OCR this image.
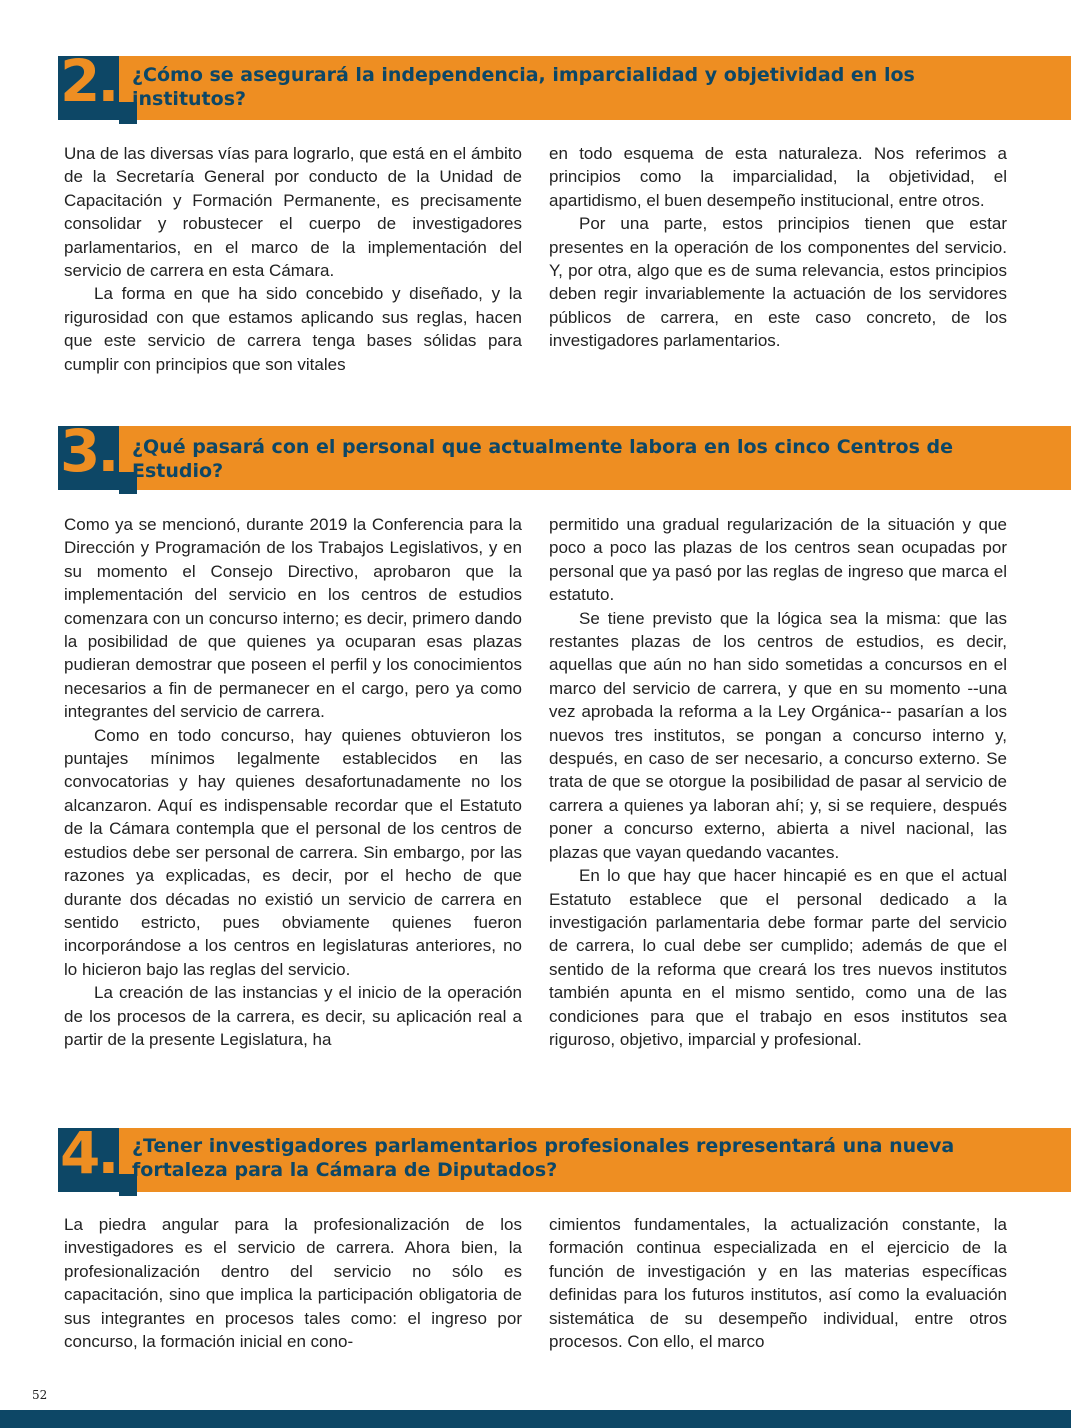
2. ¿Cómo se asegurará la independencia, imparcialidad y objetividad en los institutos?

Una de las diversas vías para lograrlo, que está en el ámbito de la Secretaría General por conducto de la Unidad de Capacitación y Formación Permanente, es precisamente consolidar y robustecer el cuerpo de investigadores parlamentarios, en el marco de la implementación del servicio de carrera en esta Cámara.

La forma en que ha sido concebido y diseñado, y la rigurosidad con que estamos aplicando sus reglas, hacen que este servicio de carrera tenga bases sólidas para cumplir con principios que son vitales

en todo esquema de esta naturaleza. Nos referimos a principios como la imparcialidad, la objetividad, el apartidismo, el buen desempeño institucional, entre otros.

Por una parte, estos principios tienen que estar presentes en la operación de los componentes del servicio. Y, por otra, algo que es de suma relevancia, estos principios deben regir invariablemente la actuación de los servidores públicos de carrera, en este caso concreto, de los investigadores parlamentarios.

3. ¿Qué pasará con el personal que actualmente labora en los cinco Centros de Estudio?

Como ya se mencionó, durante 2019 la Conferencia para la Dirección y Programación de los Trabajos Legislativos, y en su momento el Consejo Directivo, aprobaron que la implementación del servicio en los centros de estudios comenzara con un concurso interno; es decir, primero dando la posibilidad de que quienes ya ocuparan esas plazas pudieran demostrar que poseen el perfil y los conocimientos necesarios a fin de permanecer en el cargo, pero ya como integrantes del servicio de carrera.

Como en todo concurso, hay quienes obtuvieron los puntajes mínimos legalmente establecidos en las convocatorias y hay quienes desafortunadamente no los alcanzaron. Aquí es indispensable recordar que el Estatuto de la Cámara contempla que el personal de los centros de estudios debe ser personal de carrera. Sin embargo, por las razones ya explicadas, es decir, por el hecho de que durante dos décadas no existió un servicio de carrera en sentido estricto, pues obviamente quienes fueron incorporándose a los centros en legislaturas anteriores, no lo hicieron bajo las reglas del servicio.

La creación de las instancias y el inicio de la operación de los procesos de la carrera, es decir, su aplicación real a partir de la presente Legislatura, ha

permitido una gradual regularización de la situación y que poco a poco las plazas de los centros sean ocupadas por personal que ya pasó por las reglas de ingreso que marca el estatuto.

Se tiene previsto que la lógica sea la misma: que las restantes plazas de los centros de estudios, es decir, aquellas que aún no han sido sometidas a concursos en el marco del servicio de carrera, y que en su momento --una vez aprobada la reforma a la Ley Orgánica-- pasarían a los nuevos tres institutos, se pongan a concurso interno y, después, en caso de ser necesario, a concurso externo. Se trata de que se otorgue la posibilidad de pasar al servicio de carrera a quienes ya laboran ahí; y, si se requiere, después poner a concurso externo, abierta a nivel nacional, las plazas que vayan quedando vacantes.

En lo que hay que hacer hincapié es en que el actual Estatuto establece que el personal dedicado a la investigación parlamentaria debe formar parte del servicio de carrera, lo cual debe ser cumplido; además de que el sentido de la reforma que creará los tres nuevos institutos también apunta en el mismo sentido, como una de las condiciones para que el trabajo en esos institutos sea riguroso, objetivo, imparcial y profesional.

4. ¿Tener investigadores parlamentarios profesionales representará una nueva fortaleza para la Cámara de Diputados?

La piedra angular para la profesionalización de los investigadores es el servicio de carrera. Ahora bien, la profesionalización dentro del servicio no sólo es capacitación, sino que implica la participación obligatoria de sus integrantes en procesos tales como: el ingreso por concurso, la formación inicial en cono-

cimientos fundamentales, la actualización constante, la formación continua especializada en el ejercicio de la función de investigación y en las materias específicas definidas para los futuros institutos, así como la evaluación sistemática de su desempeño individual, entre otros procesos. Con ello, el marco

52
